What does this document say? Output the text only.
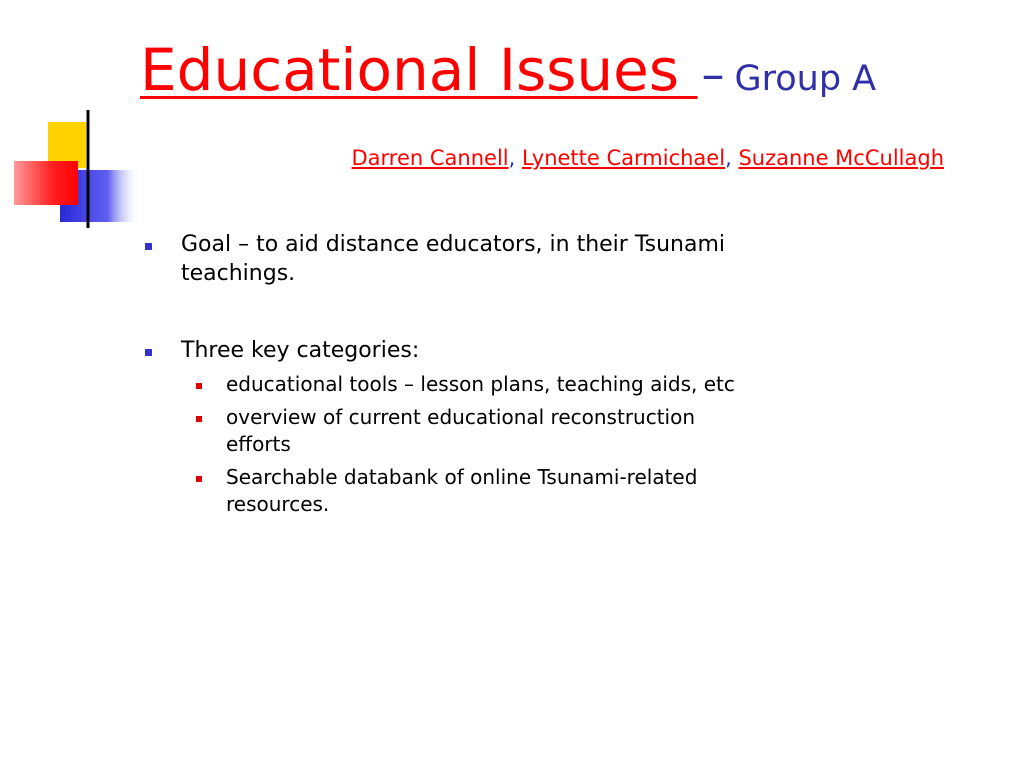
Educational Issues – Group A
Darren Cannell, Lynette Carmichael, Suzanne McCullagh
Goal – to aid distance educators, in their Tsunami teachings.
Three key categories:
educational tools – lesson plans, teaching aids, etc
overview of current educational reconstruction efforts
Searchable databank of online Tsunami-related resources.
